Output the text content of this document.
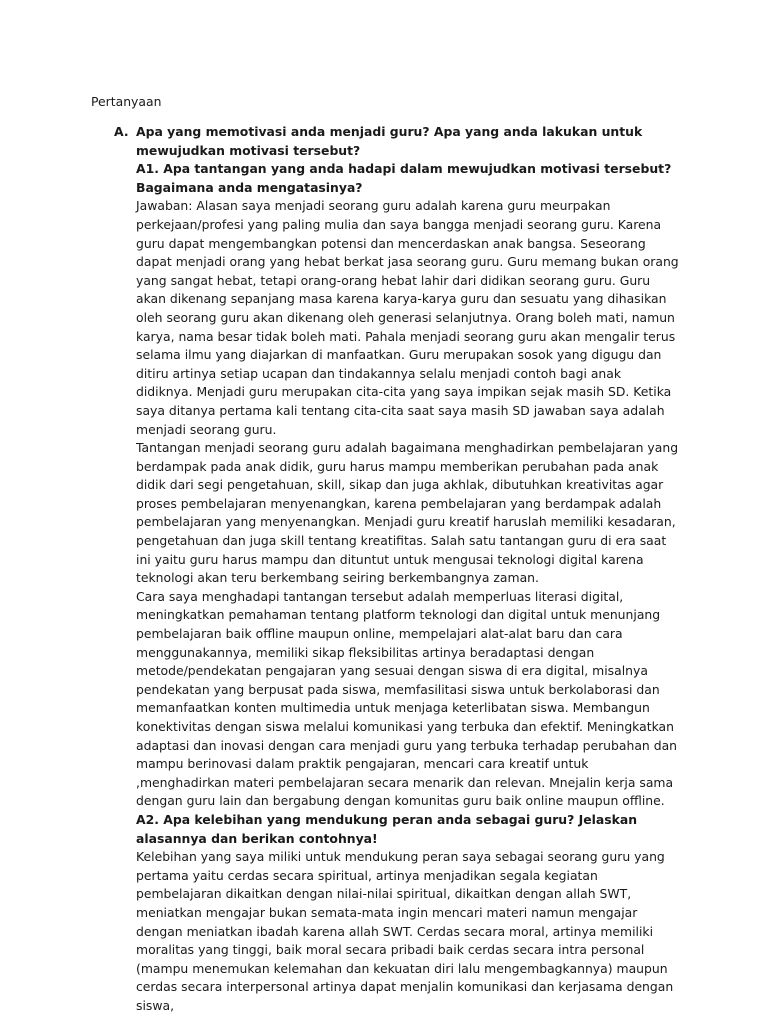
Pertanyaan

A. Apa yang memotivasi anda menjadi guru? Apa yang anda lakukan untuk mewujudkan motivasi tersebut?

A1. Apa tantangan yang anda hadapi dalam mewujudkan motivasi tersebut? Bagaimana anda mengatasinya?

Jawaban: Alasan saya menjadi seorang guru adalah karena guru meurpakan perkejaan/profesi yang paling mulia dan saya bangga menjadi seorang guru. Karena guru dapat mengembangkan potensi dan mencerdaskan anak bangsa. Seseorang dapat menjadi orang yang hebat berkat jasa seorang guru. Guru memang bukan orang yang sangat hebat, tetapi orang-orang hebat lahir dari didikan seorang guru. Guru akan dikenang sepanjang masa karena karya-karya guru dan sesuatu yang dihasikan oleh seorang guru akan dikenang oleh generasi selanjutnya. Orang boleh mati, namun karya, nama besar tidak boleh mati. Pahala menjadi seorang guru akan mengalir terus selama ilmu yang diajarkan di manfaatkan. Guru merupakan sosok yang digugu dan ditiru artinya setiap ucapan dan tindakannya selalu menjadi contoh bagi anak didiknya. Menjadi guru merupakan cita-cita yang saya impikan sejak masih SD. Ketika saya ditanya pertama kali tentang cita-cita saat saya masih SD jawaban saya adalah menjadi seorang guru.

Tantangan menjadi seorang guru adalah bagaimana menghadirkan pembelajaran yang berdampak pada anak didik, guru harus mampu memberikan perubahan pada anak didik dari segi pengetahuan, skill, sikap dan juga akhlak, dibutuhkan kreativitas agar proses pembelajaran menyenangkan, karena pembelajaran yang berdampak adalah pembelajaran yang menyenangkan. Menjadi guru kreatif haruslah memiliki kesadaran, pengetahuan dan juga skill tentang kreatifitas. Salah satu tantangan guru di era saat ini yaitu guru harus mampu dan dituntut untuk mengusai teknologi digital karena teknologi akan teru berkembang seiring berkembangnya zaman.

Cara saya menghadapi tantangan tersebut adalah memperluas literasi digital, meningkatkan pemahaman tentang platform teknologi dan digital untuk menunjang pembelajaran baik offline maupun online, mempelajari alat-alat baru dan cara menggunakannya, memiliki sikap fleksibilitas artinya beradaptasi dengan metode/pendekatan pengajaran yang sesuai dengan siswa di era digital, misalnya pendekatan yang berpusat pada siswa, memfasilitasi siswa untuk berkolaborasi dan memanfaatkan konten multimedia untuk menjaga keterlibatan siswa. Membangun konektivitas dengan siswa melalui komunikasi yang terbuka dan efektif. Meningkatkan adaptasi dan inovasi dengan cara menjadi guru yang terbuka terhadap perubahan dan mampu berinovasi dalam praktik pengajaran, mencari cara kreatif untuk ,menghadirkan materi pembelajaran secara menarik dan relevan. Mnejalin kerja sama dengan guru lain dan bergabung dengan komunitas guru baik online maupun offline.

A2. Apa kelebihan yang mendukung peran anda sebagai guru? Jelaskan alasannya dan berikan contohnya!

Kelebihan yang saya miliki untuk mendukung peran saya sebagai seorang guru yang pertama yaitu cerdas secara spiritual, artinya menjadikan segala kegiatan pembelajaran dikaitkan dengan nilai-nilai spiritual, dikaitkan dengan allah SWT, meniatkan mengajar bukan semata-mata ingin mencari materi namun mengajar dengan meniatkan ibadah karena allah SWT. Cerdas secara moral, artinya memiliki moralitas yang tinggi, baik moral secara pribadi baik cerdas secara intra personal (mampu menemukan kelemahan dan kekuatan diri lalu mengembagkannya) maupun cerdas secara interpersonal artinya dapat menjalin komunikasi dan kerjasama dengan siswa,
